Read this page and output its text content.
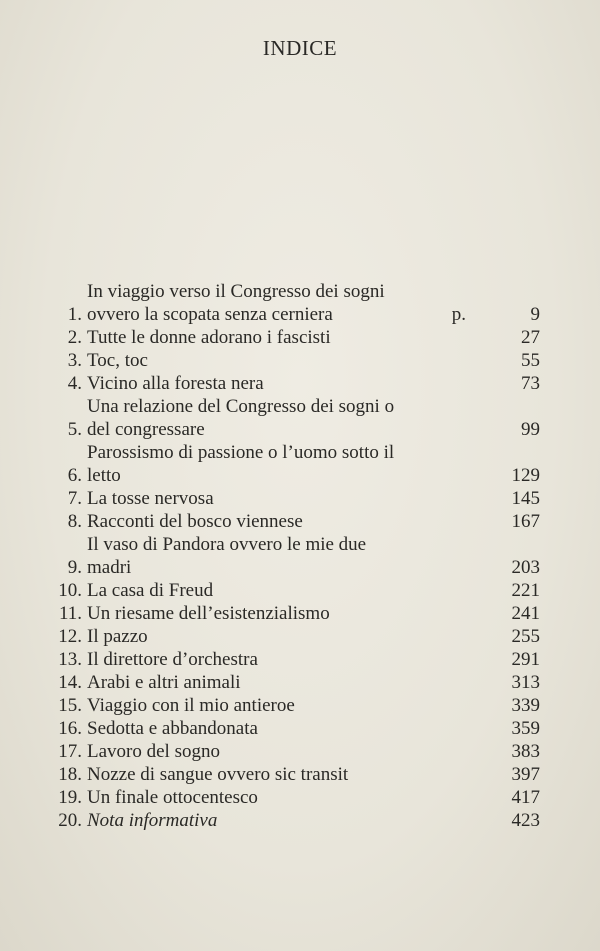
INDICE
1.
In viaggio verso il Congresso dei sogni
ovvero la scopata senza cerniera	p.	9
2. Tutte le donne adorano i fascisti	27
3. Toc, toc	55
4. Vicino alla foresta nera	73
5.
Una relazione del Congresso dei sogni o
del congressare	99
6.
Parossismo di passione o l’uomo sotto il
letto	129
7. La tosse nervosa	145
8. Racconti del bosco viennese	167
9.
Il vaso di Pandora ovvero le mie due
madri	203
10. La casa di Freud	221
11. Un riesame dell’esistenzialismo	241
12. Il pazzo	255
13. Il direttore d’orchestra	291
14. Arabi e altri animali	313
15. Viaggio con il mio antieroe	339
16. Sedotta e abbandonata	359
17. Lavoro del sogno	383
18. Nozze di sangue ovvero sic transit	397
19. Un finale ottocentesco	417
20. Nota informativa	423
